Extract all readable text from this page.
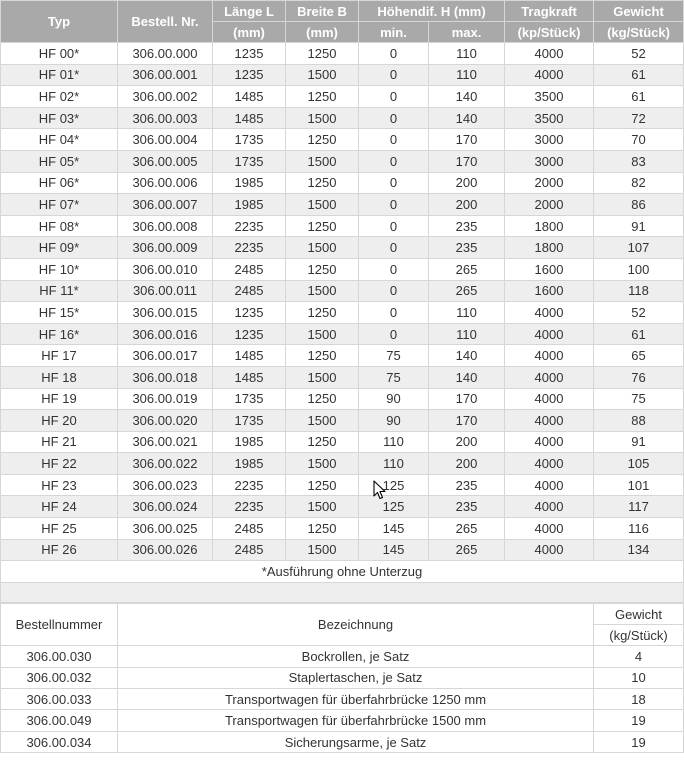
Typ	Bestell. Nr.	Länge L	Breite B	Höhendif. H (mm)		Tragkraft	Gewicht
		(mm)	(mm)	min.	max.	(kp/Stück)	(kg/Stück)
HF 00*	306.00.000	1235	1250	0	110	4000	52
HF 01*	306.00.001	1235	1500	0	110	4000	61
HF 02*	306.00.002	1485	1250	0	140	3500	61
HF 03*	306.00.003	1485	1500	0	140	3500	72
HF 04*	306.00.004	1735	1250	0	170	3000	70
HF 05*	306.00.005	1735	1500	0	170	3000	83
HF 06*	306.00.006	1985	1250	0	200	2000	82
HF 07*	306.00.007	1985	1500	0	200	2000	86
HF 08*	306.00.008	2235	1250	0	235	1800	91
HF 09*	306.00.009	2235	1500	0	235	1800	107
HF 10*	306.00.010	2485	1250	0	265	1600	100
HF 11*	306.00.011	2485	1500	0	265	1600	118
HF 15*	306.00.015	1235	1250	0	110	4000	52
HF 16*	306.00.016	1235	1500	0	110	4000	61
HF 17	306.00.017	1485	1250	75	140	4000	65
HF 18	306.00.018	1485	1500	75	140	4000	76
HF 19	306.00.019	1735	1250	90	170	4000	75
HF 20	306.00.020	1735	1500	90	170	4000	88
HF 21	306.00.021	1985	1250	110	200	4000	91
HF 22	306.00.022	1985	1500	110	200	4000	105
HF 23	306.00.023	2235	1250	125	235	4000	101
HF 24	306.00.024	2235	1500	125	235	4000	117
HF 25	306.00.025	2485	1250	145	265	4000	116
HF 26	306.00.026	2485	1500	145	265	4000	134
*Ausführung ohne Unterzug							

Bestellnummer	Bezeichnung	Gewicht
		(kg/Stück)
306.00.030	Bockrollen, je Satz	4
306.00.032	Staplertaschen, je Satz	10
306.00.033	Transportwagen für überfahrbrücke 1250 mm	18
306.00.049	Transportwagen für überfahrbrücke 1500 mm	19
306.00.034	Sicherungsarme, je Satz	19
